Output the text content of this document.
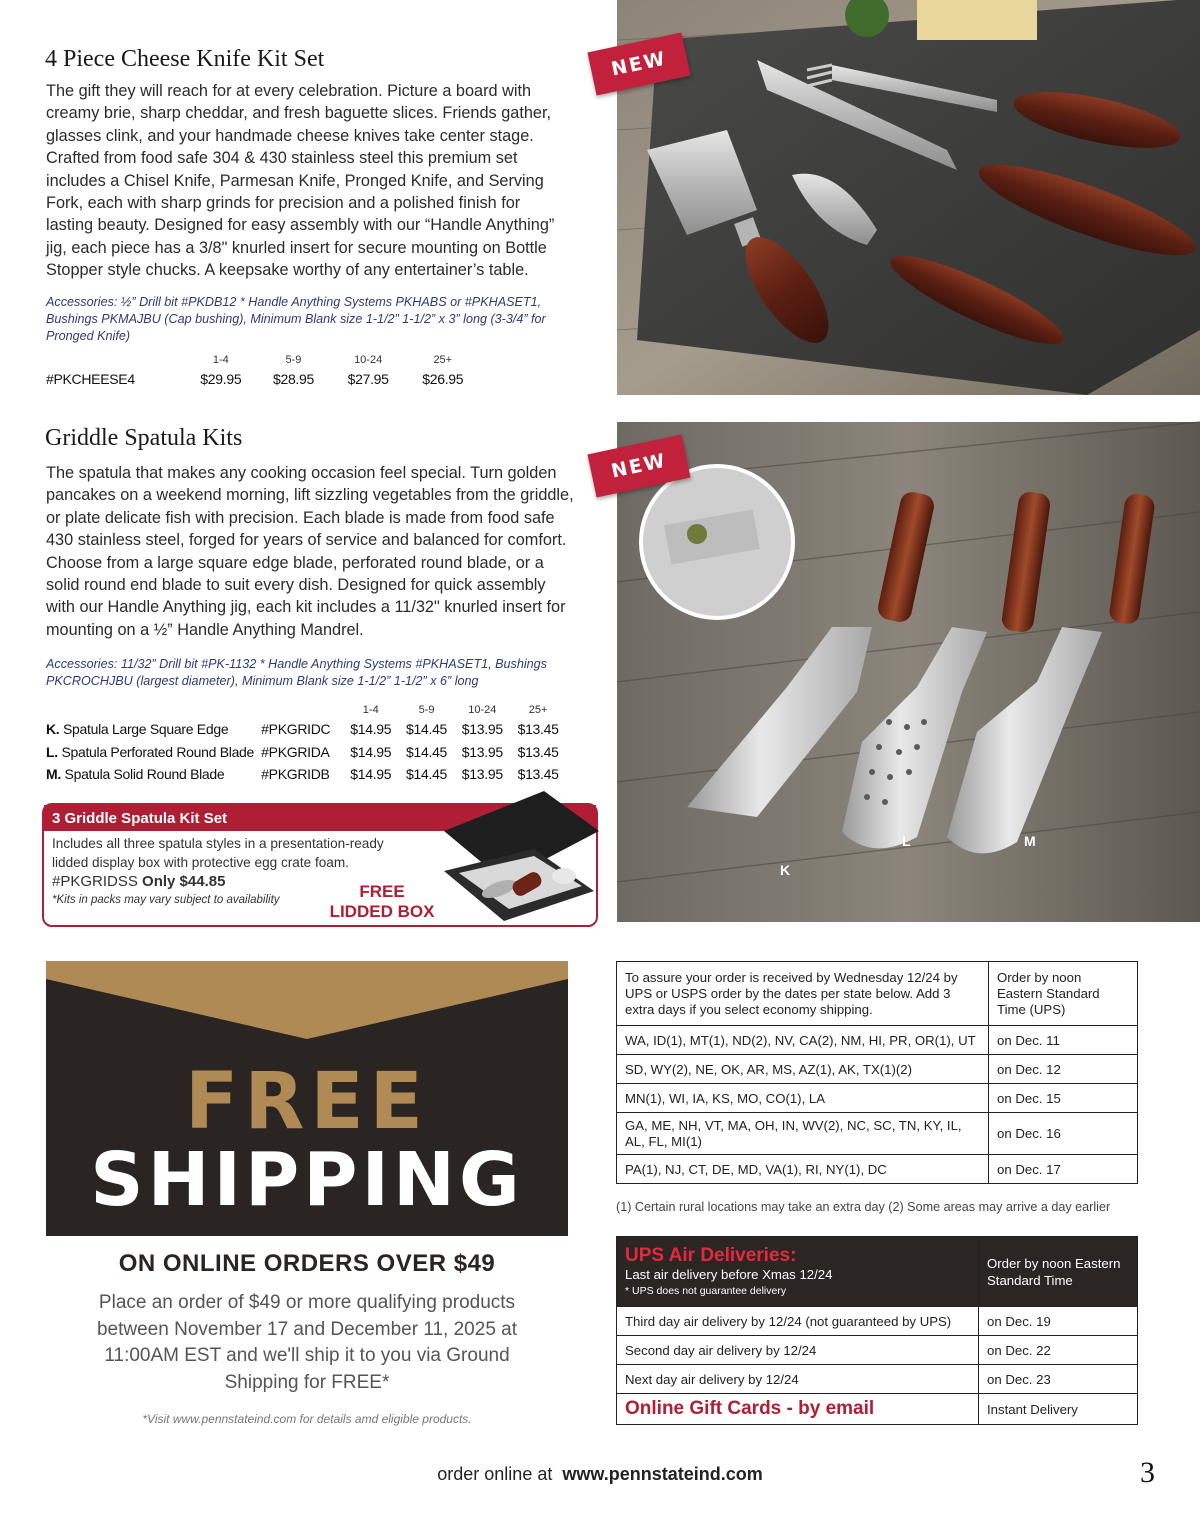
4 Piece Cheese Knife Kit Set

The gift they will reach for at every celebration. Picture a board with creamy brie, sharp cheddar, and fresh baguette slices. Friends gather, glasses clink, and your handmade cheese knives take center stage. Crafted from food safe 304 & 430 stainless steel this premium set includes a Chisel Knife, Parmesan Knife, Pronged Knife, and Serving Fork, each with sharp grinds for precision and a polished finish for lasting beauty. Designed for easy assembly with our “Handle Anything” jig, each piece has a 3/8" knurled insert for secure mounting on Bottle Stopper style chucks. A keepsake worthy of any entertainer’s table.

Accessories: ½” Drill bit #PKDB12 * Handle Anything Systems PKHABS or #PKHASET1, Bushings PKMAJBU (Cap bushing), Minimum Blank size 1-1/2” 1-1/2” x 3” long (3-3/4” for Pronged Knife)

1-4	5-9	10-24	25+
#PKCHEESE4	$29.95	$28.95	$27.95	$26.95
NEW
Griddle Spatula Kits

The spatula that makes any cooking occasion feel special. Turn golden pancakes on a weekend morning, lift sizzling vegetables from the griddle, or plate delicate fish with precision. Each blade is made from food safe 430 stainless steel, forged for years of service and balanced for comfort. Choose from a large square edge blade, perforated round blade, or a solid round end blade to suit every dish. Designed for quick assembly with our Handle Anything jig, each kit includes a 11/32" knurled insert for mounting on a ½” Handle Anything Mandrel.

Accessories: 11/32” Drill bit #PK-1132 * Handle Anything Systems #PKHASET1, Bushings PKCROCHJBU (largest diameter), Minimum Blank size 1-1/2” 1-1/2” x 6” long

1-4	5-9	10-24	25+
K. Spatula Large Square Edge	#PKGRIDC	$14.95	$14.45	$13.95	$13.45
L. Spatula Perforated Round Blade #PKGRIDA	$14.95	$14.45	$13.95	$13.45
M. Spatula Solid Round Blade	#PKGRIDB	$14.95	$14.45	$13.95	$13.45
3 Griddle Spatula Kit Set
Includes all three spatula styles in a presentation-ready
lidded display box with protective egg crate foam.
#PKGRIDSS Only $44.85
*Kits in packs may vary subject to availability	FREE
LIDDED BOX
NEW
K
L	M
FREE
SHIPPING
ON ONLINE ORDERS OVER $49
Place an order of $49 or more qualifying products
between November 17 and December 11, 2025 at
11:00AM EST and we'll ship it to you via Ground
Shipping for FREE*
*Visit www.pennstateind.com for details amd eligible products.
To assure your order is received by Wednesday 12/24 by UPS or USPS order by the dates per state below. Add 3 extra days if you select economy shipping.	Order by noon Eastern Standard Time (UPS)
WA, ID(1), MT(1), ND(2), NV, CA(2), NM, HI, PR, OR(1), UT	on Dec. 11
SD, WY(2), NE, OK, AR, MS, AZ(1), AK, TX(1)(2)	on Dec. 12
MN(1), WI, IA, KS, MO, CO(1), LA	on Dec. 15
GA, ME, NH, VT, MA, OH, IN, WV(2), NC, SC, TN, KY, IL, AL, FL, MI(1)	on Dec. 16
PA(1), NJ, CT, DE, MD, VA(1), RI, NY(1), DC	on Dec. 17
(1) Certain rural locations may take an extra day (2) Some areas may arrive a day earlier
UPS Air Deliveries:
Last air delivery before Xmas 12/24
* UPS does not guarantee delivery	Order by noon Eastern Standard Time
Third day air delivery by 12/24 (not guaranteed by UPS)	on Dec. 19
Second day air delivery by 12/24	on Dec. 22
Next day air delivery by 12/24	on Dec. 23
Online Gift Cards - by email	Instant Delivery
order online at www.pennstateind.com	3
